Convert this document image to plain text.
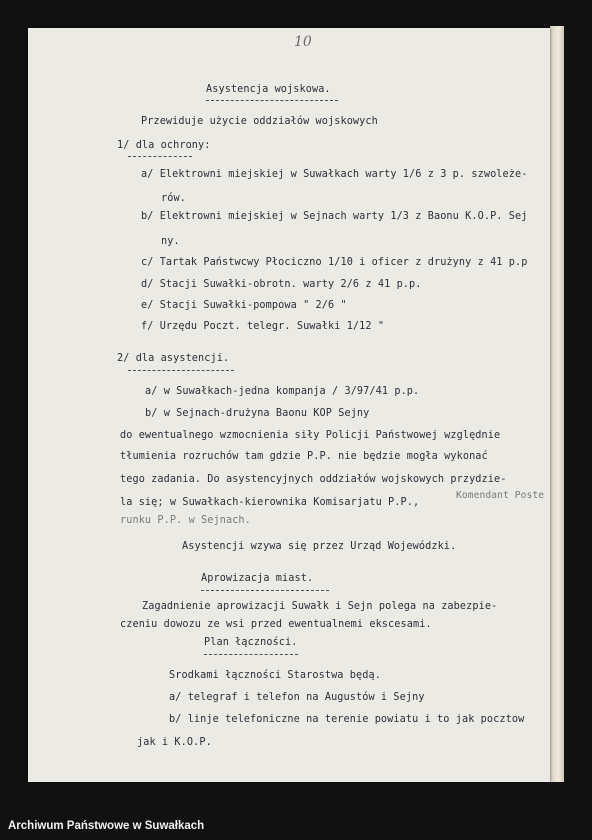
10
Asystencja wojskowa.
Przewiduje użycie oddziałów wojskowych
1/ dla ochrony:
a/ Elektrowni miejskiej w Suwałkach warty 1/6 z 3 p. szwoleże-
rów.
b/ Elektrowni miejskiej w Sejnach warty 1/3 z Baonu K.O.P. Sej
ny.
c/ Tartak Państwcwy Płociczno 1/10 i oficer z drużyny z 41 p.p
d/ Stacji Suwałki-obrotn. warty 2/6 z 41 p.p.
e/ Stacji Suwałki-pompowa " 2/6 "
f/ Urzędu Poczt. telegr. Suwałki 1/12 "
2/ dla asystencji.
a/ w Suwałkach-jedna kompanja / 3/97/41 p.p.
b/ w Sejnach-drużyna Baonu KOP Sejny
do ewentualnego wzmocnienia siły Policji Państwowej względnie
tłumienia rozruchów tam gdzie P.P. nie będzie mogła wykonać
tego zadania. Do asystencyjnych oddziałów wojskowych przydzie-
la się; w Suwałkach-kierownika Komisarjatu P.P.,
Komendant Poste
runku P.P. w Sejnach.
Asystencji wzywa się przez Urząd Wojewódzki.
Aprowizacja miast.
Zagadnienie aprowizacji Suwałk i Sejn polega na zabezpie-
czeniu dowozu ze wsi przed ewentualnemi ekscesami.
Plan łączności.
Srodkami łączności Starostwa będą.
a/ telegraf i telefon na Augustów i Sejny
b/ linje telefoniczne na terenie powiatu i to jak pocztow
jak i K.O.P.
Archiwum Państwowe w Suwałkach
